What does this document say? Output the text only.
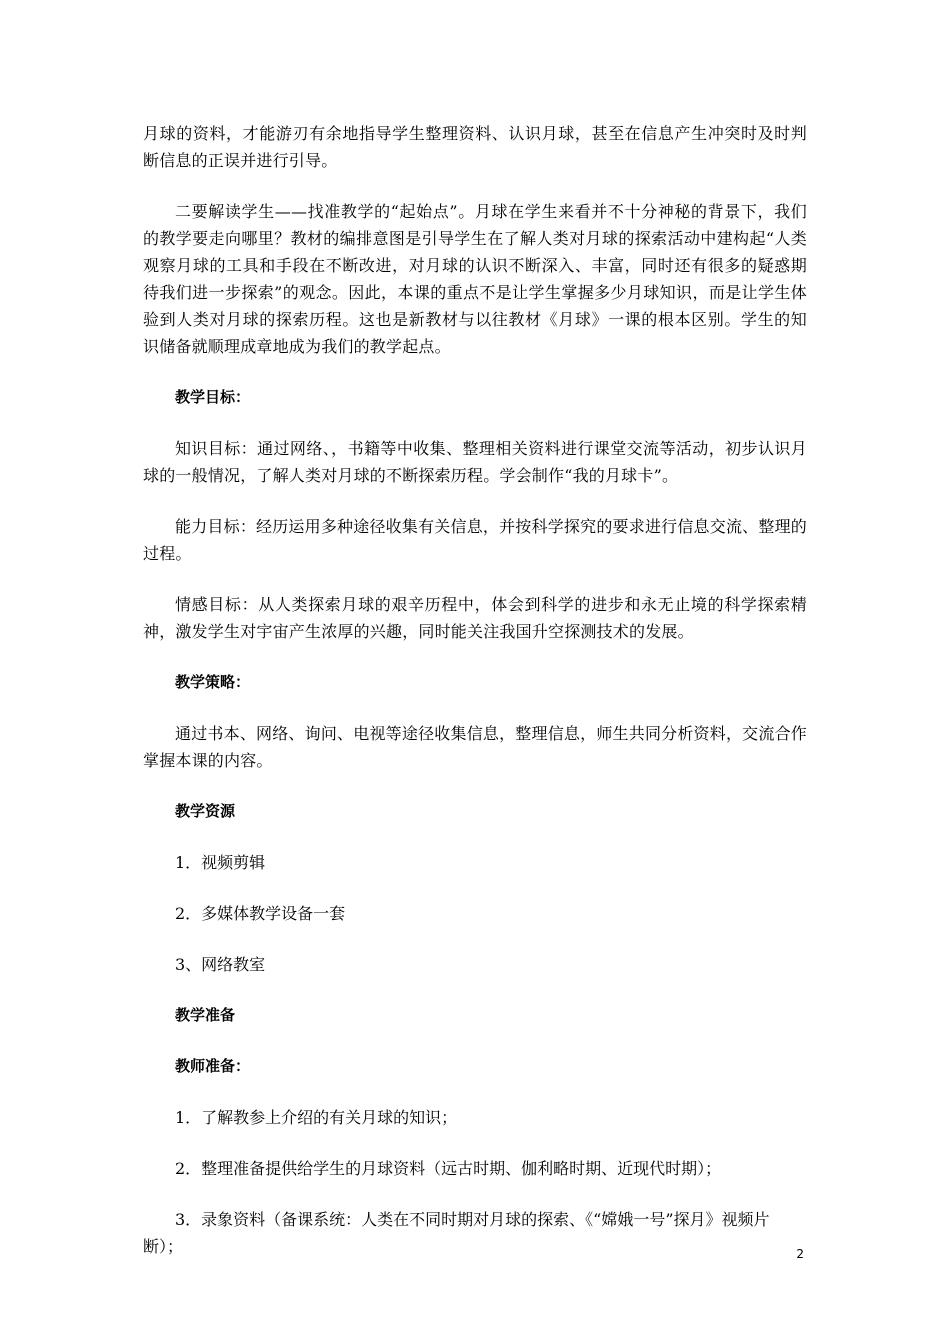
月球的资料，才能游刃有余地指导学生整理资料、认识月球，甚至在信息产生冲突时及时判断信息的正误并进行引导。

二要解读学生——找准教学的“起始点”。月球在学生来看并不十分神秘的背景下，我们的教学要走向哪里？教材的编排意图是引导学生在了解人类对月球的探索活动中建构起“人类观察月球的工具和手段在不断改进，对月球的认识不断深入、丰富，同时还有很多的疑惑期待我们进一步探索”的观念。因此，本课的重点不是让学生掌握多少月球知识，而是让学生体验到人类对月球的探索历程。这也是新教材与以往教材《月球》一课的根本区别。学生的知识储备就顺理成章地成为我们的教学起点。

教学目标：

知识目标：通过网络、，书籍等中收集、整理相关资料进行课堂交流等活动，初步认识月球的一般情况，了解人类对月球的不断探索历程。学会制作“我的月球卡”。

能力目标：经历运用多种途径收集有关信息，并按科学探究的要求进行信息交流、整理的过程。

情感目标：从人类探索月球的艰辛历程中，体会到科学的进步和永无止境的科学探索精神，激发学生对宇宙产生浓厚的兴趣，同时能关注我国升空探测技术的发展。

教学策略：

通过书本、网络、询问、电视等途径收集信息，整理信息，师生共同分析资料，交流合作掌握本课的内容。

教学资源
1．视频剪辑
2．多媒体教学设备一套
3、网络教室
教学准备
教师准备：
1．了解教参上介绍的有关月球的知识；
2．整理准备提供给学生的月球资料（远古时期、伽利略时期、近现代时期）；
3．录象资料（备课系统：人类在不同时期对月球的探索、《“嫦娥一号”探月》视频片断）；	2
